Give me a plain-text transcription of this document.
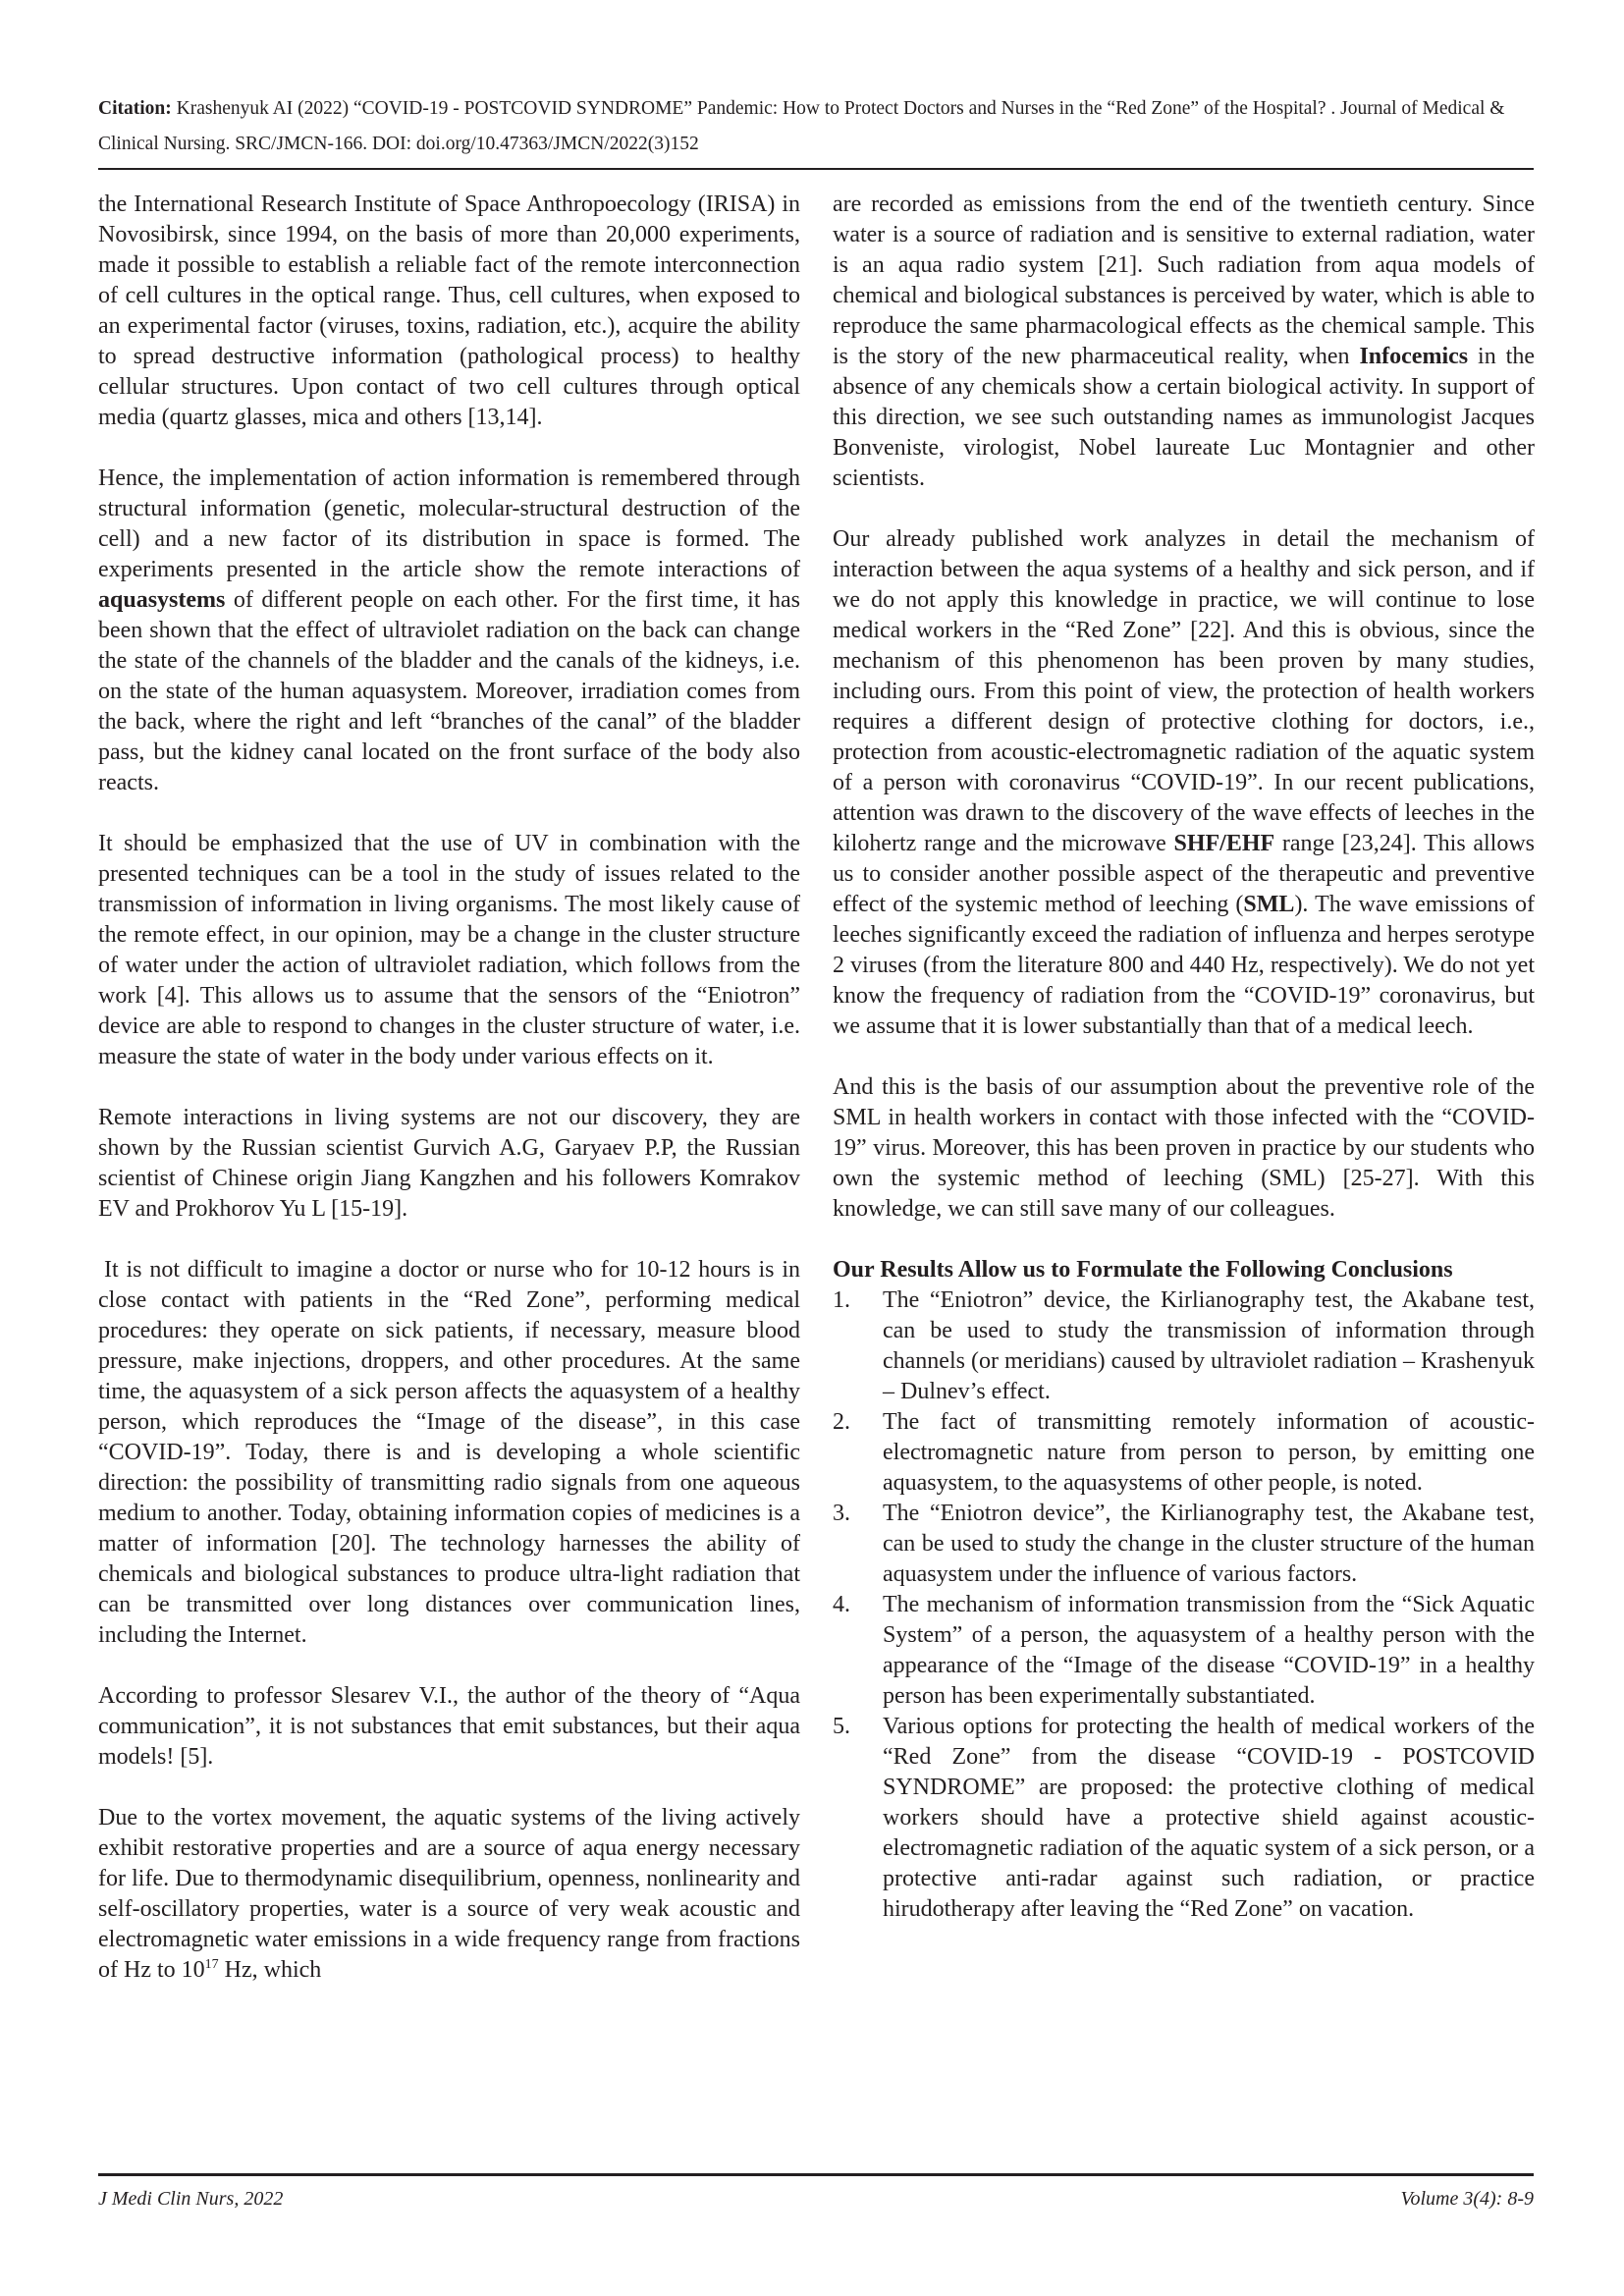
Citation: Krashenyuk AI (2022) “COVID-19 - POSTCOVID SYNDROME” Pandemic: How to Protect Doctors and Nurses in the “Red Zone” of the Hospital? . Journal of Medical & Clinical Nursing. SRC/JMCN-166. DOI: doi.org/10.47363/JMCN/2022(3)152

the International Research Institute of Space Anthropoecology (IRISA) in Novosibirsk, since 1994, on the basis of more than 20,000 experiments, made it possible to establish a reliable fact of the remote interconnection of cell cultures in the optical range. Thus, cell cultures, when exposed to an experimental factor (viruses, toxins, radiation, etc.), acquire the ability to spread destructive information (pathological process) to healthy cellular structures. Upon contact of two cell cultures through optical media (quartz glasses, mica and others [13,14].

Hence, the implementation of action information is remembered through structural information (genetic, molecular-structural destruction of the cell) and a new factor of its distribution in space is formed. The experiments presented in the article show the remote interactions of aquasystems of different people on each other. For the first time, it has been shown that the effect of ultraviolet radiation on the back can change the state of the channels of the bladder and the canals of the kidneys, i.e. on the state of the human aquasystem. Moreover, irradiation comes from the back, where the right and left “branches of the canal” of the bladder pass, but the kidney canal located on the front surface of the body also reacts.

It should be emphasized that the use of UV in combination with the presented techniques can be a tool in the study of issues related to the transmission of information in living organisms. The most likely cause of the remote effect, in our opinion, may be a change in the cluster structure of water under the action of ultraviolet radiation, which follows from the work [4]. This allows us to assume that the sensors of the “Eniotron” device are able to respond to changes in the cluster structure of water, i.e. measure the state of water in the body under various effects on it.

Remote interactions in living systems are not our discovery, they are shown by the Russian scientist Gurvich A.G, Garyaev P.P, the Russian scientist of Chinese origin Jiang Kangzhen and his followers Komrakov EV and Prokhorov Yu L [15-19].

It is not difficult to imagine a doctor or nurse who for 10-12 hours is in close contact with patients in the “Red Zone”, performing medical procedures: they operate on sick patients, if necessary, measure blood pressure, make injections, droppers, and other procedures. At the same time, the aquasystem of a sick person affects the aquasystem of a healthy person, which reproduces the “Image of the disease”, in this case “COVID-19”. Today, there is and is developing a whole scientific direction: the possibility of transmitting radio signals from one aqueous medium to another. Today, obtaining information copies of medicines is a matter of information [20]. The technology harnesses the ability of chemicals and biological substances to produce ultra-light radiation that can be transmitted over long distances over communication lines, including the Internet.

According to professor Slesarev V.I., the author of the theory of “Aqua communication”, it is not substances that emit substances, but their aqua models! [5].

Due to the vortex movement, the aquatic systems of the living actively exhibit restorative properties and are a source of aqua energy necessary for life. Due to thermodynamic disequilibrium, openness, nonlinearity and self-oscillatory properties, water is a source of very weak acoustic and electromagnetic water emissions in a wide frequency range from fractions of Hz to $10^{17}$ Hz, which

are recorded as emissions from the end of the twentieth century. Since water is a source of radiation and is sensitive to external radiation, water is an aqua radio system [21]. Such radiation from aqua models of chemical and biological substances is perceived by water, which is able to reproduce the same pharmacological effects as the chemical sample. This is the story of the new pharmaceutical reality, when Infocemics in the absence of any chemicals show a certain biological activity. In support of this direction, we see such outstanding names as immunologist Jacques Bonveniste, virologist, Nobel laureate Luc Montagnier and other scientists.

Our already published work analyzes in detail the mechanism of interaction between the aqua systems of a healthy and sick person, and if we do not apply this knowledge in practice, we will continue to lose medical workers in the “Red Zone” [22]. And this is obvious, since the mechanism of this phenomenon has been proven by many studies, including ours. From this point of view, the protection of health workers requires a different design of protective clothing for doctors, i.e., protection from acoustic-electromagnetic radiation of the aquatic system of a person with coronavirus “COVID-19”. In our recent publications, attention was drawn to the discovery of the wave effects of leeches in the kilohertz range and the microwave SHF/EHF range [23,24]. This allows us to consider another possible aspect of the therapeutic and preventive effect of the systemic method of leeching (SML). The wave emissions of leeches significantly exceed the radiation of influenza and herpes serotype 2 viruses (from the literature 800 and 440 Hz, respectively). We do not yet know the frequency of radiation from the “COVID-19” coronavirus, but we assume that it is lower substantially than that of a medical leech.

And this is the basis of our assumption about the preventive role of the SML in health workers in contact with those infected with the “COVID-19” virus. Moreover, this has been proven in practice by our students who own the systemic method of leeching (SML) [25-27]. With this knowledge, we can still save many of our colleagues.

Our Results Allow us to Formulate the Following Conclusions
1. The “Eniotron” device, the Kirlianography test, the Akabane test, can be used to study the transmission of information through channels (or meridians) caused by ultraviolet radiation – Krashenyuk – Dulnev’s effect.
2. The fact of transmitting remotely information of acoustic-electromagnetic nature from person to person, by emitting one aquasystem, to the aquasystems of other people, is noted.
3. The “Eniotron device”, the Kirlianography test, the Akabane test, can be used to study the change in the cluster structure of the human aquasystem under the influence of various factors.
4. The mechanism of information transmission from the “Sick Aquatic System” of a person, the aquasystem of a healthy person with the appearance of the “Image of the disease “COVID-19” in a healthy person has been experimentally substantiated.
5. Various options for protecting the health of medical workers of the “Red Zone” from the disease “COVID-19 - POSTCOVID SYNDROME” are proposed: the protective clothing of medical workers should have a protective shield against acoustic-electromagnetic radiation of the aquatic system of a sick person, or a protective anti-radar against such radiation, or practice hirudotherapy after leaving the “Red Zone” on vacation.
J Medi Clin Nurs, 2022	Volume 3(4): 8-9
